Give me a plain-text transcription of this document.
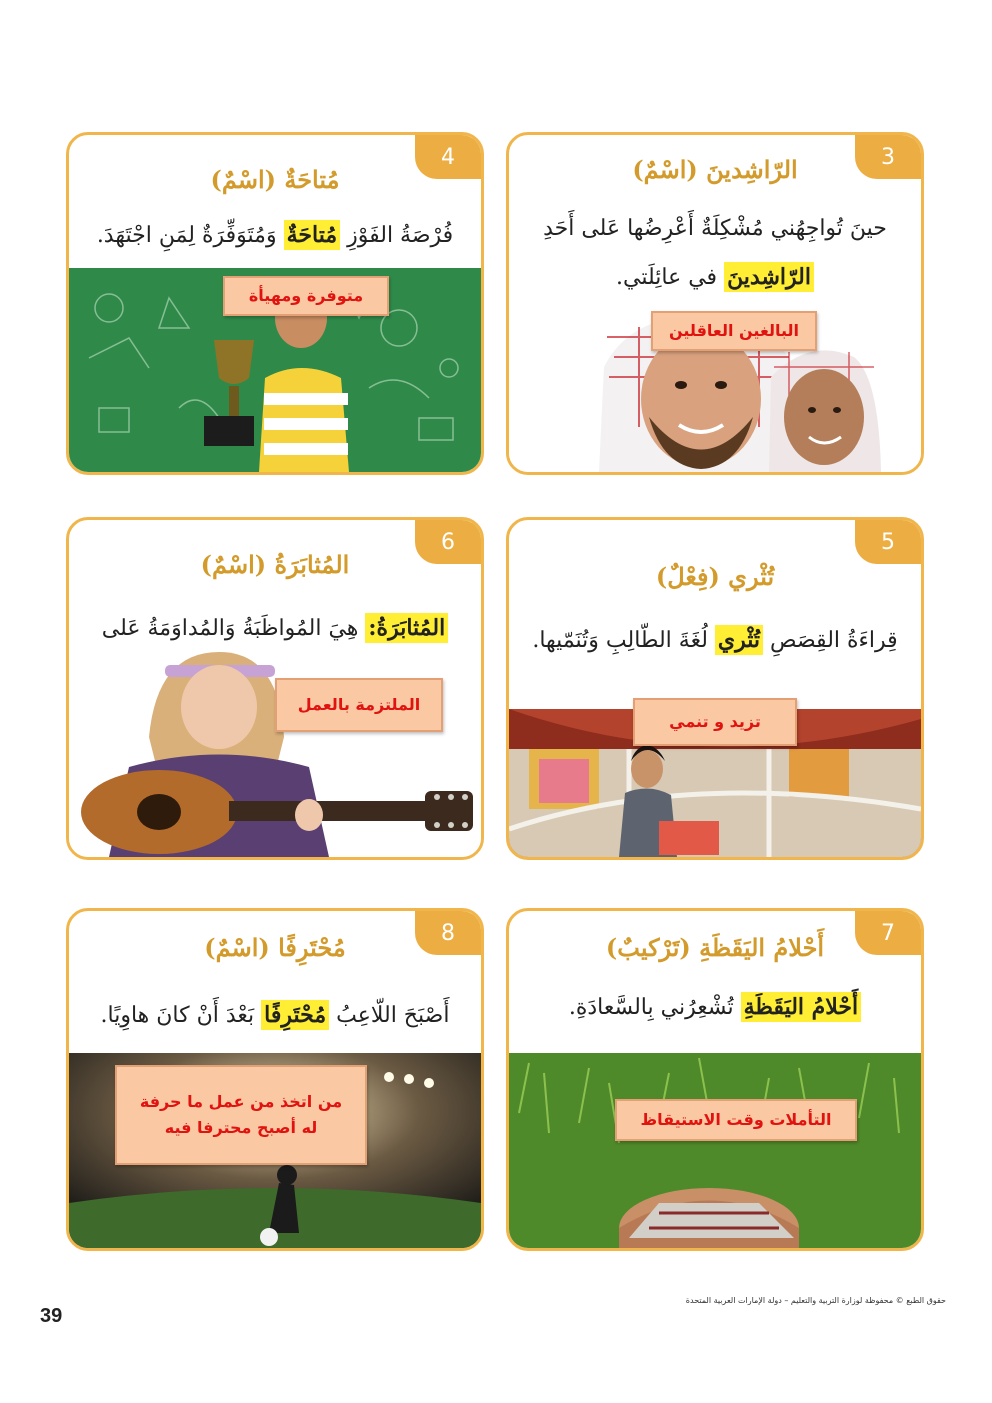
3
الرّاشِدينَ (اسْمٌ)
حينَ تُواجِهُني مُشْكِلَةٌ أَعْرِضُها عَلى أَحَدِ الرّاشِدينَ في عائِلَتي.
البالغين العاقلين
4
مُتاحَةٌ (اسْمٌ)
فُرْصَةُ الفَوْزِ مُتاحَةٌ وَمُتَوَفِّرَةٌ لِمَنِ اجْتَهَدَ.
متوفرة ومهيأة
5
تُثْري (فِعْلٌ)
قِراءَةُ القِصَصِ تُثْري لُغَةَ الطّالِبِ وَتُنَمّيها.
تزيد و تنمي
6
المُثابَرَةُ (اسْمٌ)
المُثابَرَةُ: هِيَ المُواظَبَةُ وَالمُداوَمَةُ عَلى
الملتزمة بالعمل
7
أَحْلامُ اليَقَظَةِ (تَرْكيبٌ)
أَحْلامُ اليَقَظَةِ تُشْعِرُني بِالسَّعادَةِ.
التأملات وقت الاستيقاظ
8
مُحْتَرِفًا (اسْمٌ)
أَصْبَحَ اللّاعِبُ مُحْتَرِفًا بَعْدَ أَنْ كانَ هاوِيًا.
من اتخذ من عمل ما حرفة
له أصبح محترفا فيه
حقوق الطبع © محفوظة لوزارة التربية والتعليم – دولة الإمارات العربية المتحدة
39
